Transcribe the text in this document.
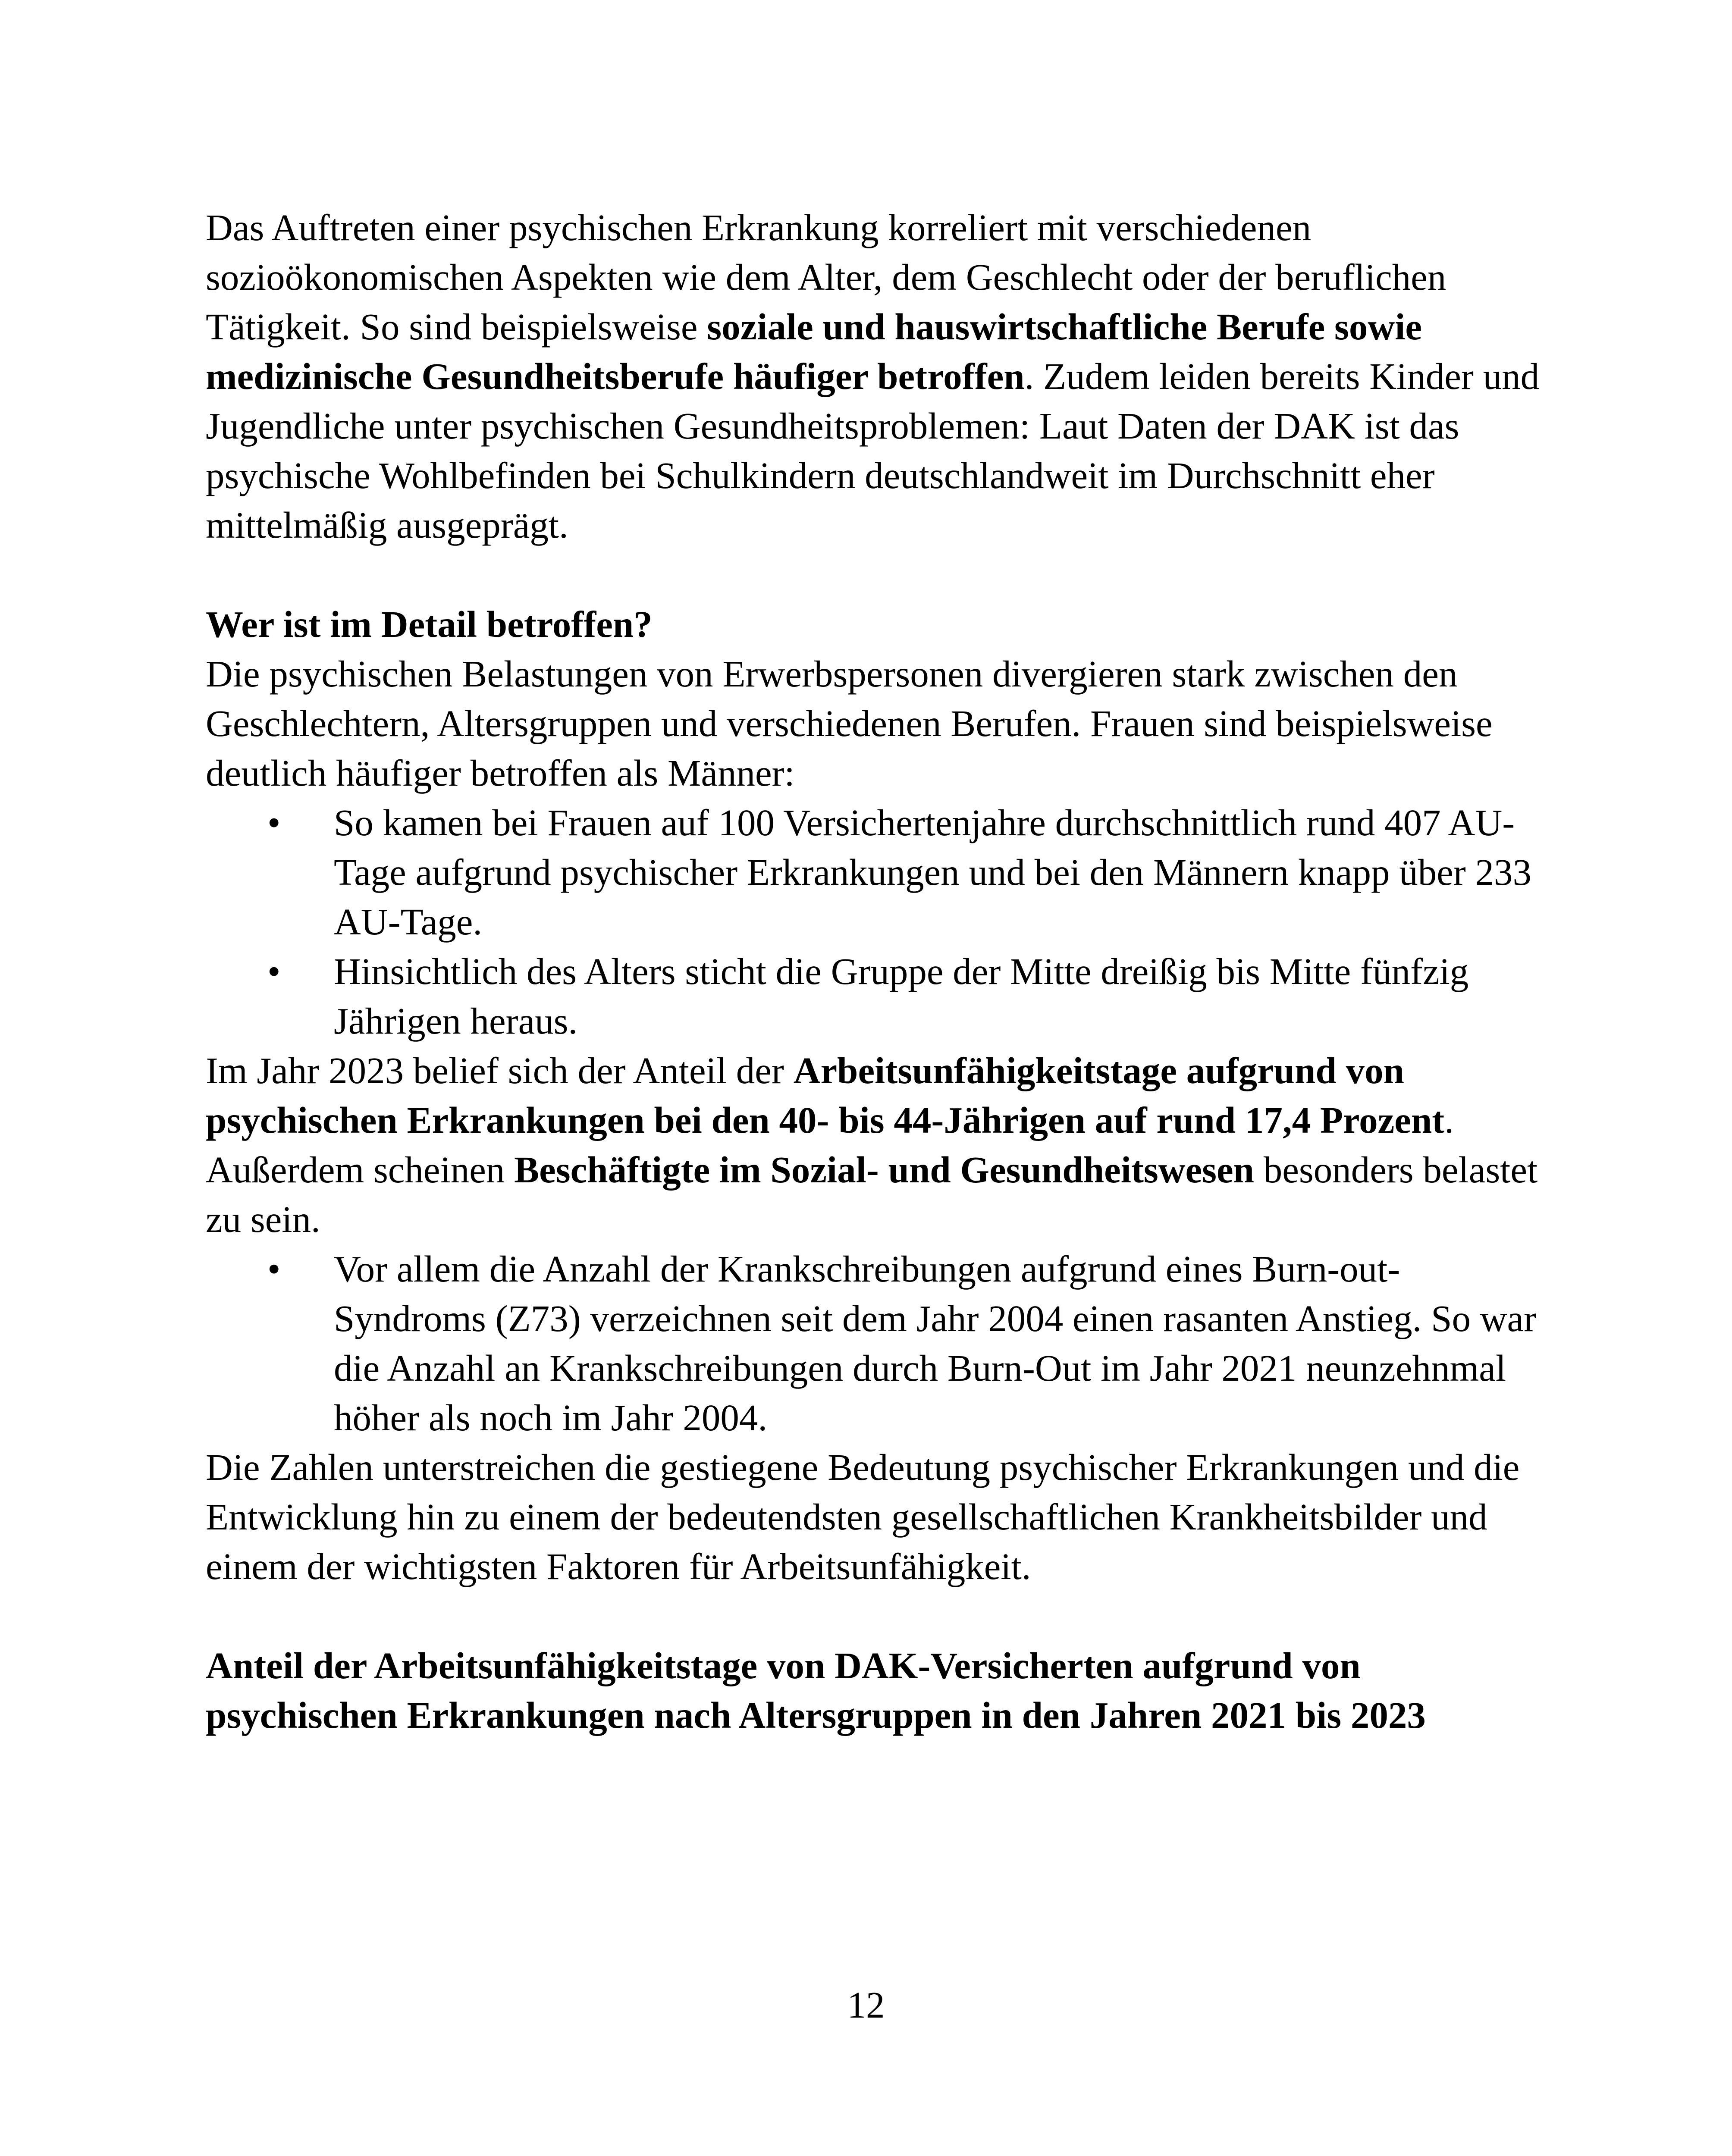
Das Auftreten einer psychischen Erkrankung korreliert mit verschiedenen sozioökonomischen Aspekten wie dem Alter, dem Geschlecht oder der beruflichen Tätigkeit. So sind beispielsweise soziale und hauswirtschaftliche Berufe sowie medizinische Gesundheitsberufe häufiger betroffen. Zudem leiden bereits Kinder und Jugendliche unter psychischen Gesundheitsproblemen: Laut Daten der DAK ist das psychische Wohlbefinden bei Schulkindern deutschlandweit im Durchschnitt eher mittelmäßig ausgeprägt.

Wer ist im Detail betroffen?

Die psychischen Belastungen von Erwerbspersonen divergieren stark zwischen den Geschlechtern, Altersgruppen und verschiedenen Berufen. Frauen sind beispielsweise deutlich häufiger betroffen als Männer:

• So kamen bei Frauen auf 100 Versichertenjahre durchschnittlich rund 407 AU-Tage aufgrund psychischer Erkrankungen und bei den Männern knapp über 233 AU-Tage.
• Hinsichtlich des Alters sticht die Gruppe der Mitte dreißig bis Mitte fünfzig Jährigen heraus.

Im Jahr 2023 belief sich der Anteil der Arbeitsunfähigkeitstage aufgrund von psychischen Erkrankungen bei den 40- bis 44-Jährigen auf rund 17,4 Prozent. Außerdem scheinen Beschäftigte im Sozial- und Gesundheitswesen besonders belastet zu sein.

• Vor allem die Anzahl der Krankschreibungen aufgrund eines Burn-out-Syndroms (Z73) verzeichnen seit dem Jahr 2004 einen rasanten Anstieg. So war die Anzahl an Krankschreibungen durch Burn-Out im Jahr 2021 neunzehnmal höher als noch im Jahr 2004.

Die Zahlen unterstreichen die gestiegene Bedeutung psychischer Erkrankungen und die Entwicklung hin zu einem der bedeutendsten gesellschaftlichen Krankheitsbilder und einem der wichtigsten Faktoren für Arbeitsunfähigkeit.

Anteil der Arbeitsunfähigkeitstage von DAK-Versicherten aufgrund von psychischen Erkrankungen nach Altersgruppen in den Jahren 2021 bis 2023

12
